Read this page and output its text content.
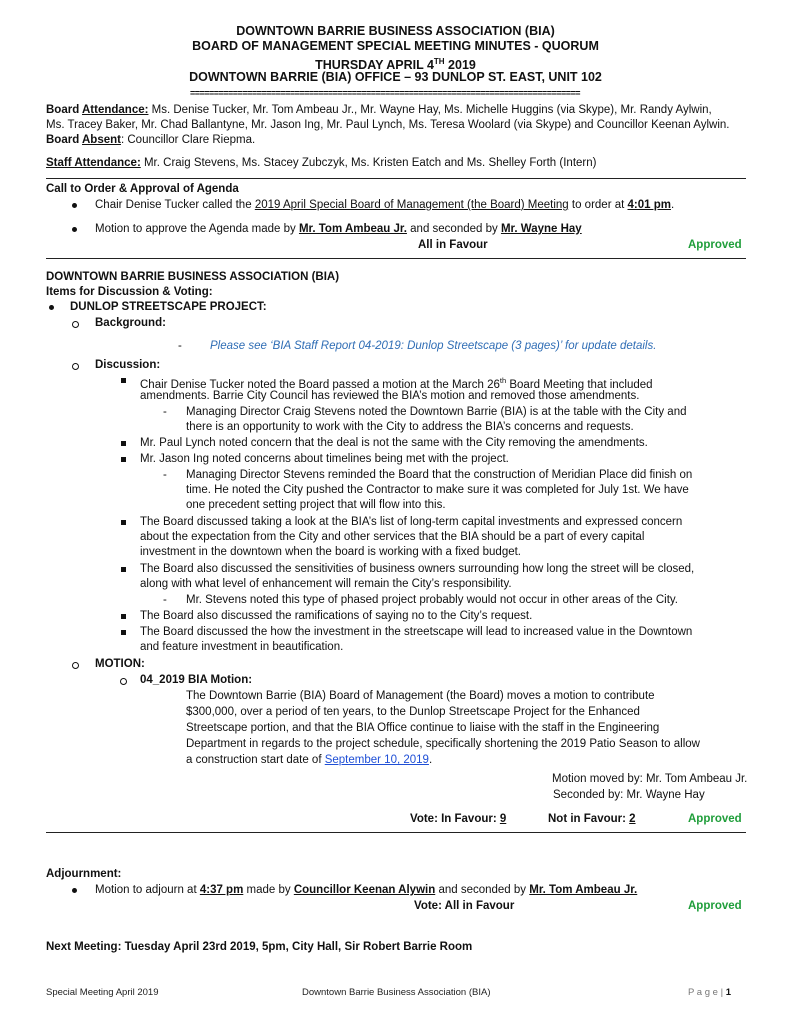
DOWNTOWN BARRIE BUSINESS ASSOCIATION (BIA)
BOARD OF MANAGEMENT SPECIAL MEETING MINUTES - QUORUM
THURSDAY APRIL 4TH 2019
DOWNTOWN BARRIE (BIA) OFFICE – 93 DUNLOP ST. EAST, UNIT 102
==================================================================================
Board Attendance: Ms. Denise Tucker, Mr. Tom Ambeau Jr., Mr. Wayne Hay, Ms. Michelle Huggins (via Skype), Mr. Randy Aylwin,
Ms. Tracey Baker, Mr. Chad Ballantyne, Mr. Jason Ing, Mr. Paul Lynch, Ms. Teresa Woolard (via Skype) and Councillor Keenan Aylwin.
Board Absent: Councillor Clare Riepma.
Staff Attendance: Mr. Craig Stevens, Ms. Stacey Zubczyk, Ms. Kristen Eatch and Ms. Shelley Forth (Intern)
Call to Order & Approval of Agenda
Chair Denise Tucker called the 2019 April Special Board of Management (the Board) Meeting to order at 4:01 pm.
Motion to approve the Agenda made by Mr. Tom Ambeau Jr. and seconded by Mr. Wayne Hay
All in Favour	Approved
DOWNTOWN BARRIE BUSINESS ASSOCIATION (BIA)
Items for Discussion & Voting:
DUNLOP STREETSCAPE PROJECT:
Background:
- Please see ‘BIA Staff Report 04-2019: Dunlop Streetscape (3 pages)’ for update details.
Discussion:
Chair Denise Tucker noted the Board passed a motion at the March 26th Board Meeting that included
amendments. Barrie City Council has reviewed the BIA’s motion and removed those amendments.
- Managing Director Craig Stevens noted the Downtown Barrie (BIA) is at the table with the City and
there is an opportunity to work with the City to address the BIA’s concerns and requests.
Mr. Paul Lynch noted concern that the deal is not the same with the City removing the amendments.
Mr. Jason Ing noted concerns about timelines being met with the project.
- Managing Director Stevens reminded the Board that the construction of Meridian Place did finish on
time. He noted the City pushed the Contractor to make sure it was completed for July 1st. We have
one precedent setting project that will flow into this.
The Board discussed taking a look at the BIA’s list of long-term capital investments and expressed concern
about the expectation from the City and other services that the BIA should be a part of every capital
investment in the downtown when the board is working with a fixed budget.
The Board also discussed the sensitivities of business owners surrounding how long the street will be closed,
along with what level of enhancement will remain the City’s responsibility.
- Mr. Stevens noted this type of phased project probably would not occur in other areas of the City.
The Board also discussed the ramifications of saying no to the City’s request.
The Board discussed the how the investment in the streetscape will lead to increased value in the Downtown
and feature investment in beautification.
MOTION:
04_2019 BIA Motion:
The Downtown Barrie (BIA) Board of Management (the Board) moves a motion to contribute
$300,000, over a period of ten years, to the Dunlop Streetscape Project for the Enhanced
Streetscape portion, and that the BIA Office continue to liaise with the staff in the Engineering
Department in regards to the project schedule, specifically shortening the 2019 Patio Season to allow
a construction start date of September 10, 2019.
Motion moved by: Mr. Tom Ambeau Jr.
Seconded by: Mr. Wayne Hay
Vote: In Favour: 9	Not in Favour: 2	Approved
Adjournment:
Motion to adjourn at 4:37 pm made by Councillor Keenan Alywin and seconded by Mr. Tom Ambeau Jr.
Vote: All in Favour	Approved
Next Meeting: Tuesday April 23rd 2019, 5pm, City Hall, Sir Robert Barrie Room
Special Meeting April 2019	Downtown Barrie Business Association (BIA)	P a g e | 1
